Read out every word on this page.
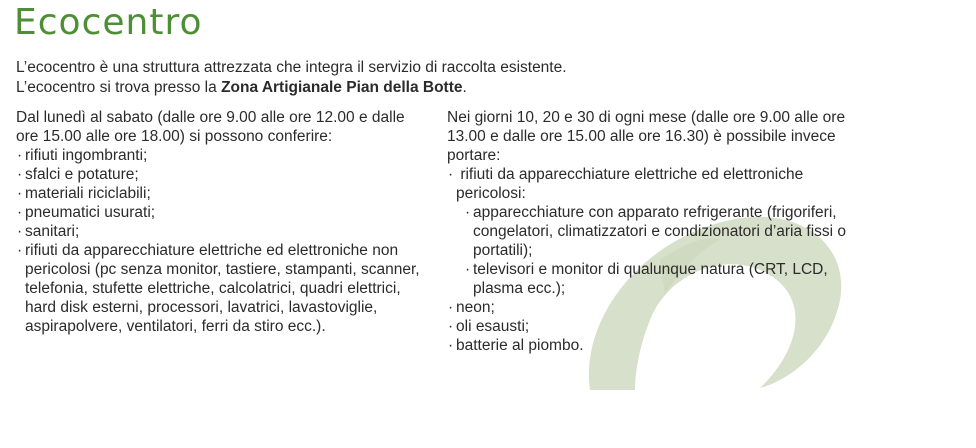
Ecocentro
L’ecocentro è una struttura attrezzata che integra il servizio di raccolta esistente.
L’ecocentro si trova presso la Zona Artigianale Pian della Botte.

Dal lunedì al sabato (dalle ore 9.00 alle ore 12.00 e dalle ore 15.00 alle ore 18.00) si possono conferire:

· rifiuti ingombranti;
· sfalci e potature;
· materiali riciclabili;
· pneumatici usurati;
· sanitari;
· rifiuti da apparecchiature elettriche ed elettroniche non pericolosi (pc senza monitor, tastiere, stampanti, scanner, telefonia, stufette elettriche, calcolatrici, quadri elettrici, hard disk esterni, processori, lavatrici, lavastoviglie, aspirapolvere, ventilatori, ferri da stiro ecc.).

Nei giorni 10, 20 e 30 di ogni mese (dalle ore 9.00 alle ore 13.00 e dalle ore 15.00 alle ore 16.30) è possibile invece portare:

· rifiuti da apparecchiature elettriche ed elettroniche pericolosi:
· apparecchiature con apparato refrigerante (frigoriferi, congelatori, climatizzatori e condizionatori d’aria fissi o portatili);
· televisori e monitor di qualunque natura (CRT, LCD, plasma ecc.);
· neon;
· oli esausti;
· batterie al piombo.
